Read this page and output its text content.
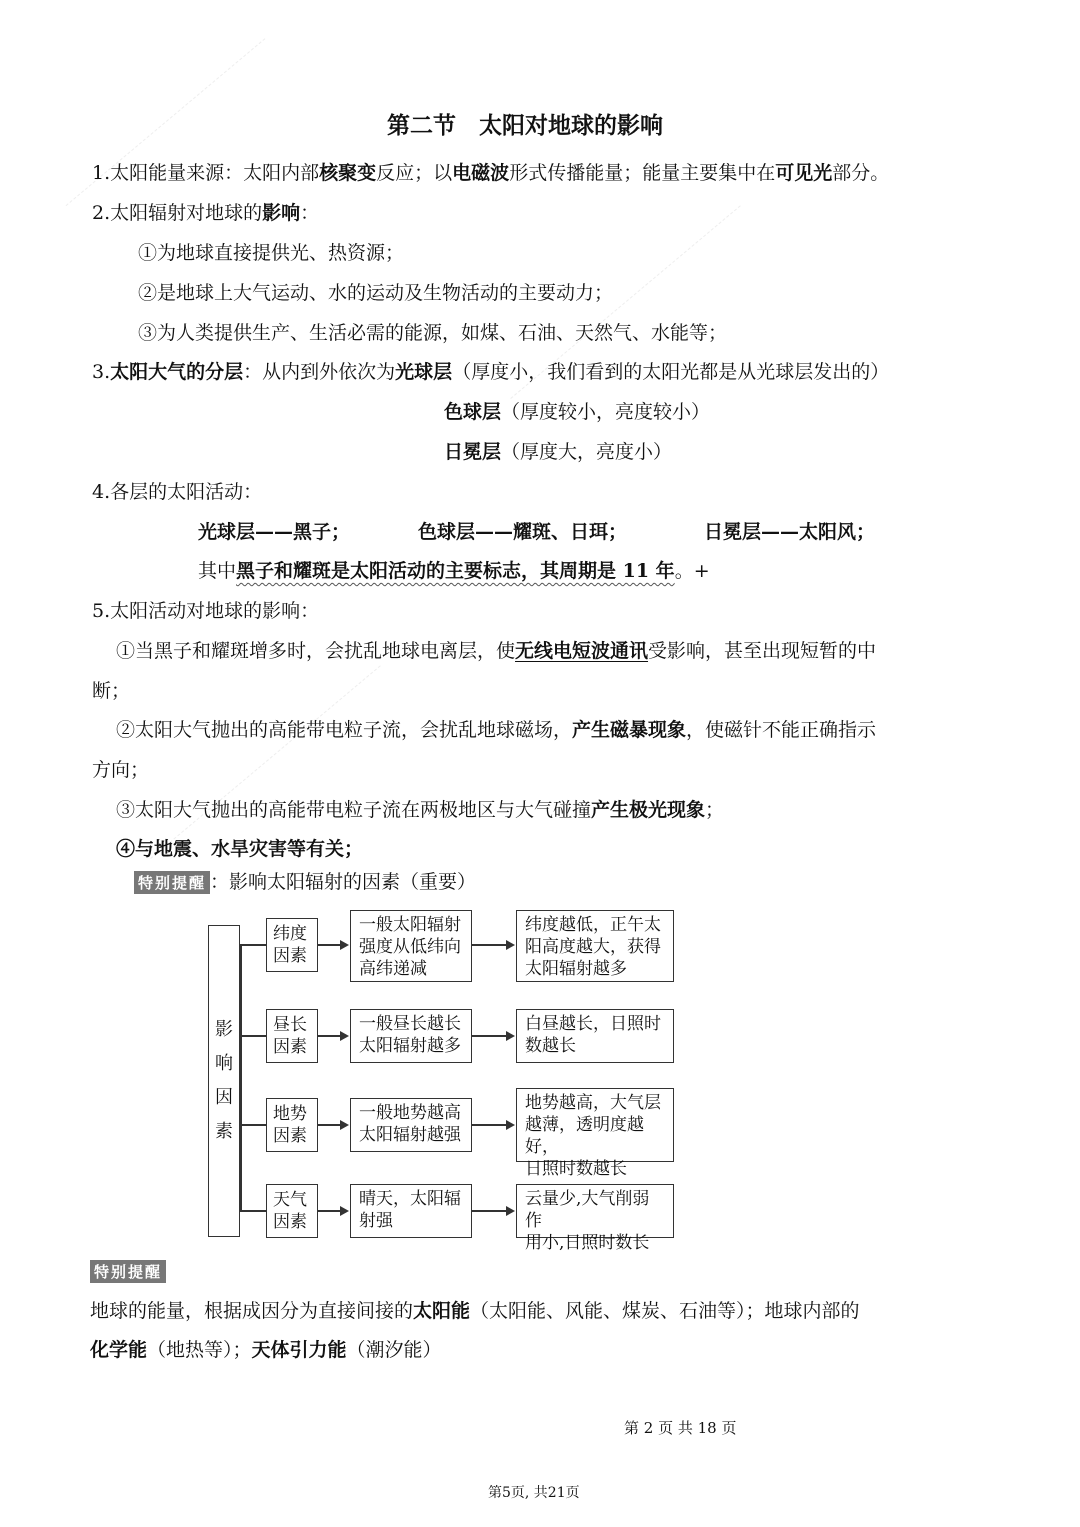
第二节　太阳对地球的影响
1.太阳能量来源：太阳内部核聚变反应；以电磁波形式传播能量；能量主要集中在可见光部分。
2.太阳辐射对地球的影响：
①为地球直接提供光、热资源；
②是地球上大气运动、水的运动及生物活动的主要动力；
③为人类提供生产、生活必需的能源，如煤、石油、天然气、水能等；
3.太阳大气的分层：从内到外依次为光球层（厚度小，我们看到的太阳光都是从光球层发出的）
色球层（厚度较小，亮度较小）
日冕层（厚度大，亮度小）
4.各层的太阳活动：
光球层——黑子；	色球层——耀斑、日珥；	日冕层——太阳风；
其中黑子和耀斑是太阳活动的主要标志，其周期是 11 年。+
5.太阳活动对地球的影响：
①当黑子和耀斑增多时，会扰乱地球电离层，使无线电短波通讯受影响，甚至出现短暂的中
断；
②太阳大气抛出的高能带电粒子流，会扰乱地球磁场，产生磁暴现象，使磁针不能正确指示
方向；
③太阳大气抛出的高能带电粒子流在两极地区与大气碰撞产生极光现象；
④与地震、水旱灾害等有关；
特别提醒 ：影响太阳辐射的因素（重要）
影
响
因
素
纬度
因素
一般太阳辐射
强度从低纬向
高纬递减
纬度越低，正午太
阳高度越大，获得
太阳辐射越多
昼长
因素
一般昼长越长
太阳辐射越多
白昼越长，日照时
数越长
地势
因素
一般地势越高
太阳辐射越强
地势越高，大气层
越薄，透明度越好，
日照时数越长
天气
因素
晴天，太阳辐
射强
云量少,大气削弱作
用小,日照时数长
特别提醒
地球的能量，根据成因分为直接间接的太阳能（太阳能、风能、煤炭、石油等）；地球内部的
化学能（地热等）；天体引力能（潮汐能）
第 2 页 共 18 页
第5页, 共21页
